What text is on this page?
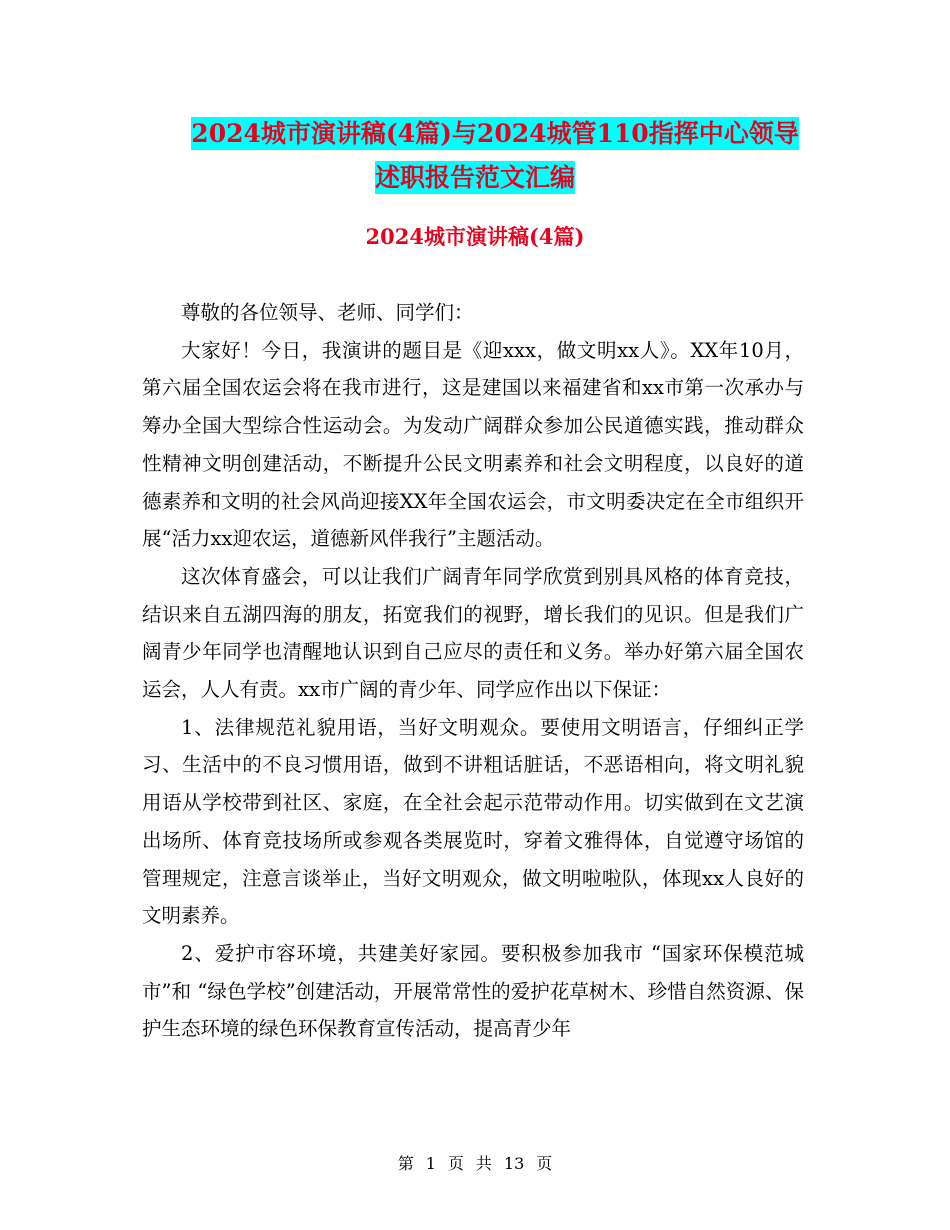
2024城市演讲稿(4篇)与2024城管110指挥中心领导
述职报告范文汇编
2024城市演讲稿(4篇)

尊敬的各位领导、老师、同学们：

大家好！今日，我演讲的题目是《迎xxx，做文明xx人》。XX年10月，第六届全国农运会将在我市进行，这是建国以来福建省和xx市第一次承办与筹办全国大型综合性运动会。为发动广阔群众参加公民道德实践，推动群众性精神文明创建活动，不断提升公民文明素养和社会文明程度，以良好的道德素养和文明的社会风尚迎接XX年全国农运会，市文明委决定在全市组织开展“活力xx迎农运，道德新风伴我行”主题活动。

这次体育盛会，可以让我们广阔青年同学欣赏到别具风格的体育竞技，结识来自五湖四海的朋友，拓宽我们的视野，增长我们的见识。但是我们广阔青少年同学也清醒地认识到自己应尽的责任和义务。举办好第六届全国农运会，人人有责。xx市广阔的青少年、同学应作出以下保证：

1、法律规范礼貌用语，当好文明观众。要使用文明语言，仔细纠正学习、生活中的不良习惯用语，做到不讲粗话脏话，不恶语相向，将文明礼貌用语从学校带到社区、家庭，在全社会起示范带动作用。切实做到在文艺演出场所、体育竞技场所或参观各类展览时，穿着文雅得体，自觉遵守场馆的管理规定，注意言谈举止，当好文明观众，做文明啦啦队，体现xx人良好的文明素养。

2、爱护市容环境，共建美好家园。要积极参加我市 “国家环保模范城市”和 “绿色学校”创建活动，开展常常性的爱护花草树木、珍惜自然资源、保护生态环境的绿色环保教育宣传活动，提高青少年

第 1 页 共 13 页
